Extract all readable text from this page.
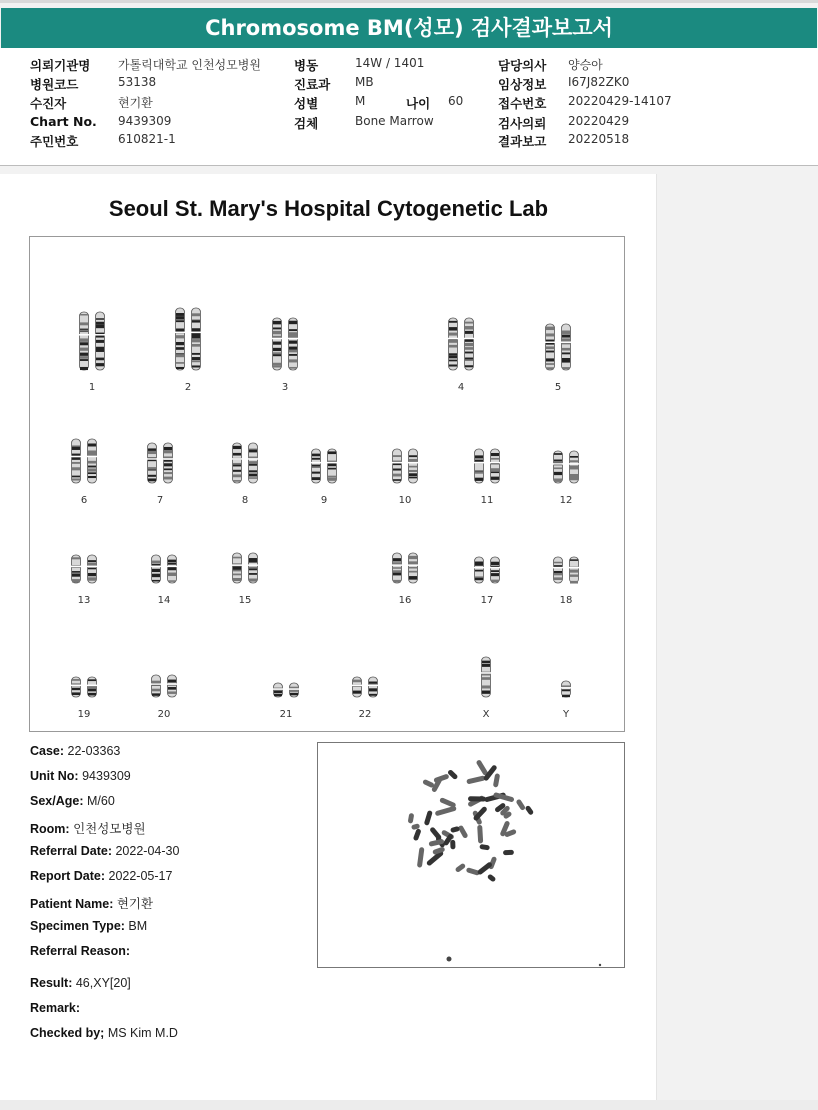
Chromosome BM(성모) 검사결과보고서
의뢰기관명 가톨릭대학교 인천성모병원	병동	14W / 1401	담당의사 양승아
병원코드	53138	진료과 MB	임상정보 I67J82ZK0
수진자	현기환	성별	M	나이 60	접수번호 20220429-14107
Chart No. 9439309	검체	Bone Marrow	검사의뢰 20220429
주민번호	610821-1	결과보고 20220518
Seoul St. Mary's Hospital Cytogenetic Lab
1	2	3	4	5
6	7	8	9	10	11	12
13	14	15	16	17	18
19	20	21	22	X	Y
Case: 22-03363
Unit No: 9439309
Sex/Age: M/60
Room: 인천성모병원
Referral Date: 2022-04-30
Report Date: 2022-05-17
Patient Name: 현기환
Specimen Type: BM
Referral Reason:
Result: 46,XY[20]
Remark:
Checked by; MS Kim M.D
